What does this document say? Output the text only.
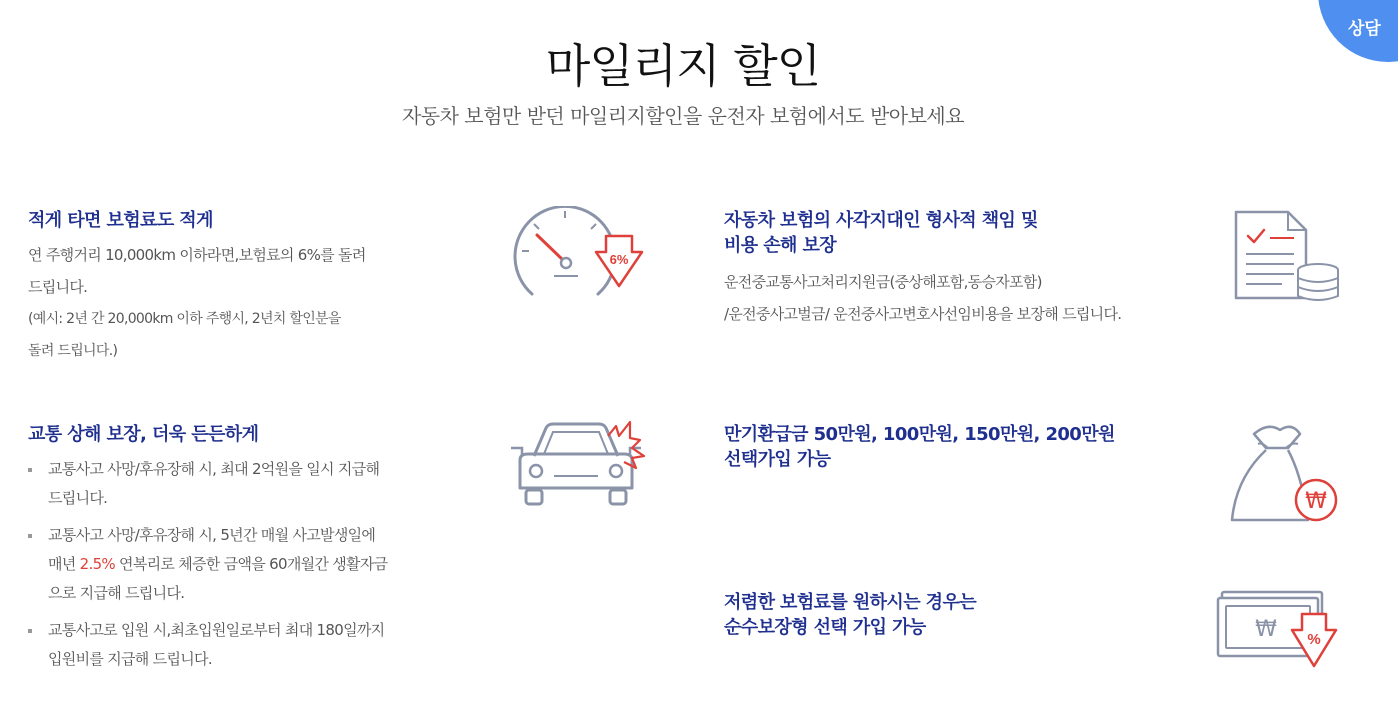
마일리지 할인
자동차 보험만 받던 마일리지할인을 운전자 보험에서도 받아보세요
상담
적게 타면 보험료도 적게
연 주행거리 10,000km 이하라면,보험료의 6%를 돌려
드립니다.
(예시: 2년 간 20,000km 이하 주행시, 2년치 할인분을
돌려 드립니다.)
6%
교통 상해 보장, 더욱 든든하게
교통사고 사망/후유장해 시, 최대 2억원을 일시 지급해
드립니다.
교통사고 사망/후유장해 시, 5년간 매월 사고발생일에
매년 2.5% 연복리로 체증한 금액을 60개월간 생활자금
으로 지급해 드립니다.
교통사고로 입원 시,최초입원일로부터 최대 180일까지
입원비를 지급해 드립니다.
자동차 보험의 사각지대인 형사적 책임 및
비용 손해 보장
운전중교통사고처리지원금(중상해포함,동승자포함)
/운전중사고벌금/ 운전중사고변호사선임비용을 보장해 드립니다.
만기환급금 50만원, 100만원, 150만원, 200만원
선택가입 가능
₩
저렴한 보험료를 원하시는 경우는
순수보장형 선택 가입 가능	₩ %
